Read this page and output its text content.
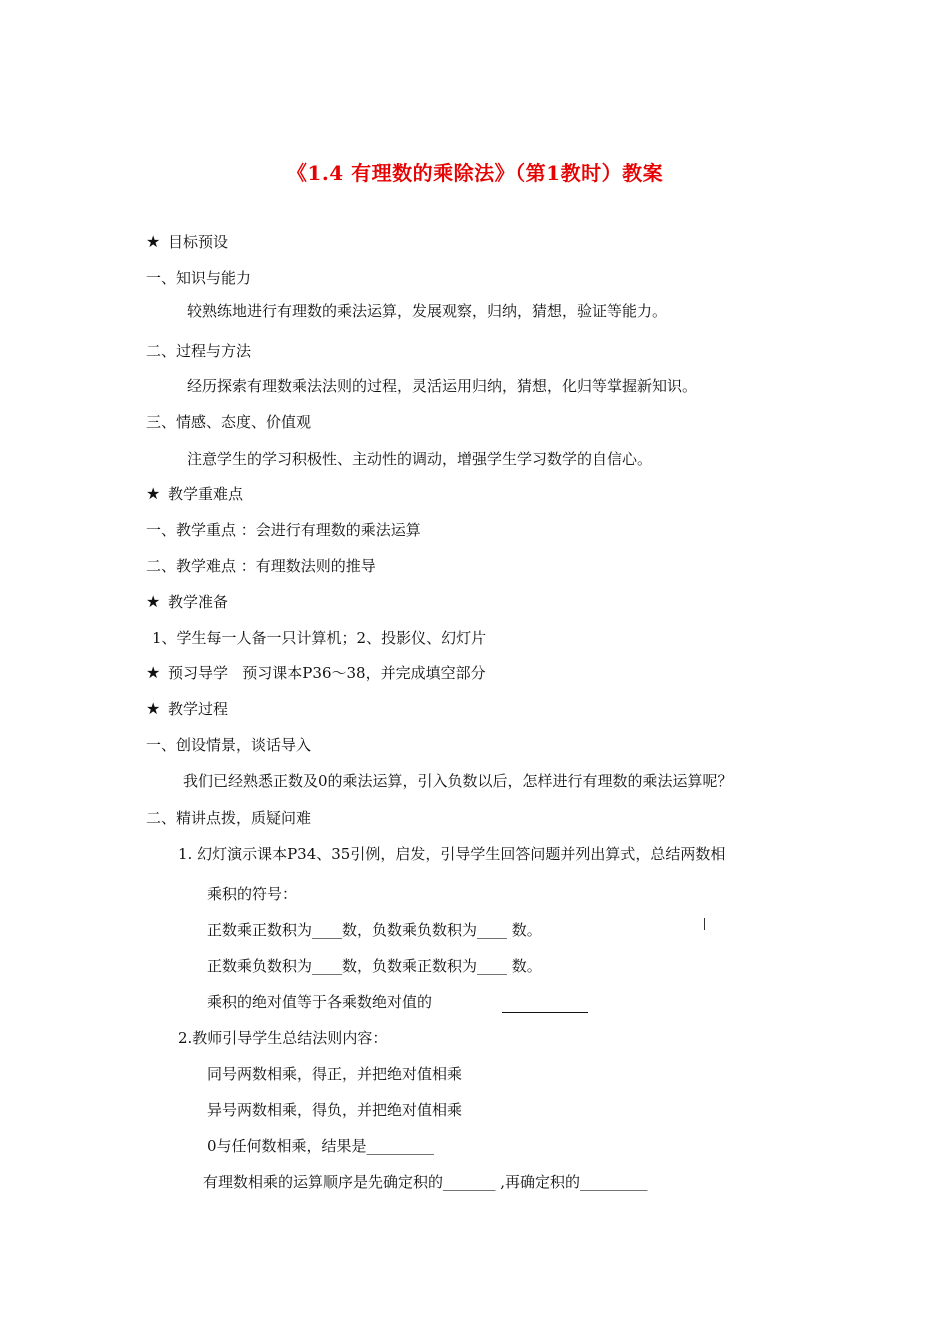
《1.4 有理数的乘除法》（第1教时）教案
★ 目标预设
一、知识与能力
较熟练地进行有理数的乘法运算，发展观察，归纳，猜想，验证等能力。
二、过程与方法
经历探索有理数乘法法则的过程，灵活运用归纳，猜想，化归等掌握新知识。
三、情感、态度、价值观
注意学生的学习积极性、主动性的调动，增强学生学习数学的自信心。
★ 教学重难点
一、教学重点 ：会进行有理数的乘法运算
二、教学难点 ：有理数法则的推导
★ 教学准备
1、学生每一人备一只计算机；2、投影仪、幻灯片
★ 预习导学   预习课本P36～38，并完成填空部分
★ 教学过程
一、创设情景，谈话导入
我们已经熟悉正数及0的乘法运算，引入负数以后，怎样进行有理数的乘法运算呢？
二、精讲点拨，质疑问难
1. 幻灯演示课本P34、35引例，启发，引导学生回答问题并列出算式，总结两数相
乘积的符号：
正数乘正数积为____数，负数乘负数积为____ 数。
正数乘负数积为____数，负数乘正数积为____ 数。
乘积的绝对值等于各乘数绝对值的
2.教师引导学生总结法则内容：
同号两数相乘，得正，并把绝对值相乘
异号两数相乘，得负，并把绝对值相乘
0与任何数相乘，结果是_________
有理数相乘的运算顺序是先确定积的_______ ,再确定积的_________
